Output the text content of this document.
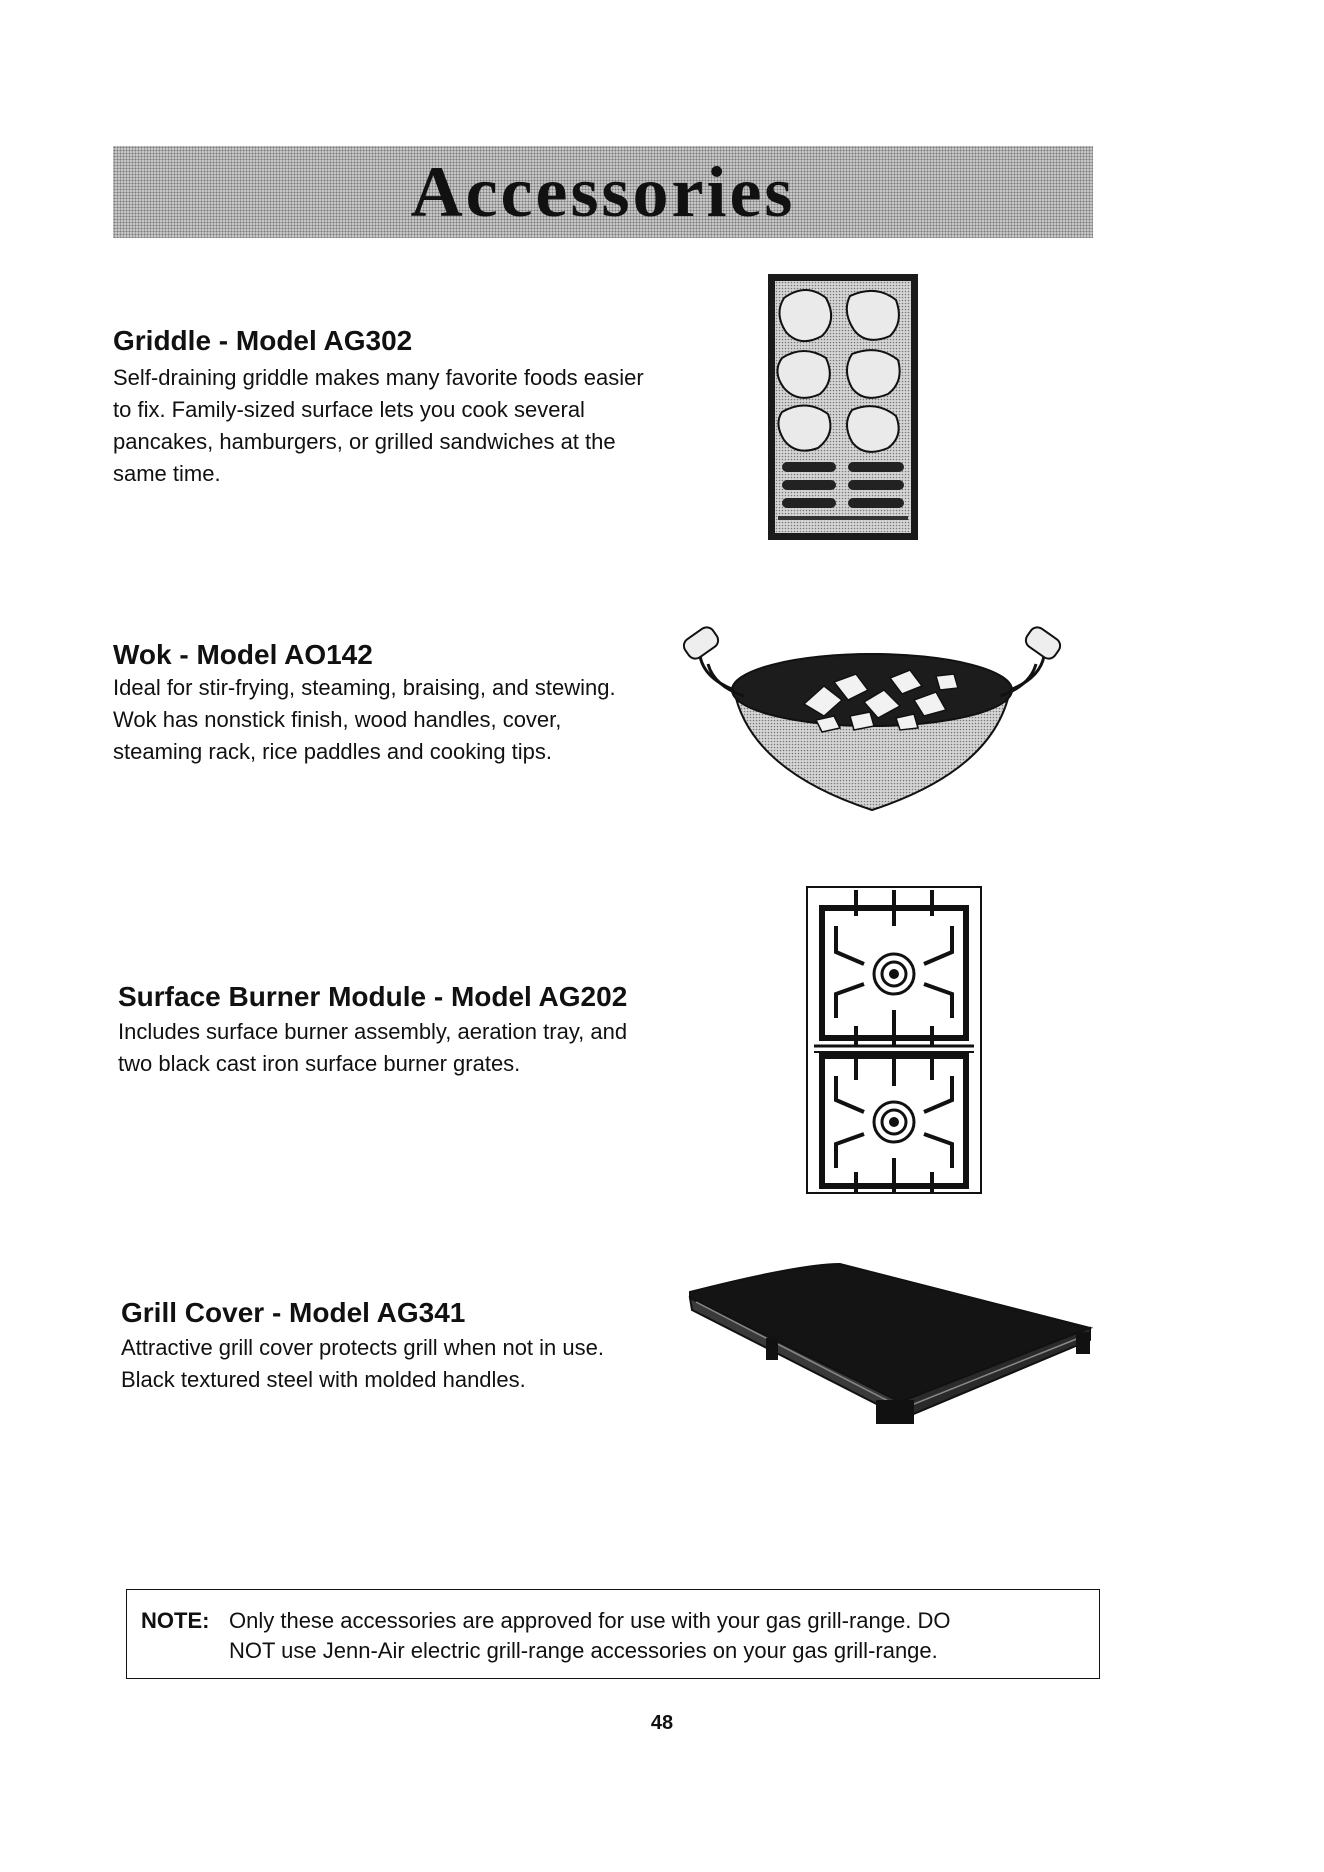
Accessories
Griddle - Model AG302

Self-draining griddle makes many favorite foods easier to fix. Family-sized surface lets you cook several pancakes, hamburgers, or grilled sandwiches at the same time.

Wok - Model AO142

Ideal for stir-frying, steaming, braising, and stewing. Wok has nonstick finish, wood handles, cover, steaming rack, rice paddles and cooking tips.

Surface Burner Module - Model AG202

Includes surface burner assembly, aeration tray, and two black cast iron surface burner grates.

Grill Cover - Model AG341

Attractive grill cover protects grill when not in use. Black textured steel with molded handles.

NOTE: Only these accessories are approved for use with your gas grill-range. DO
NOT use Jenn-Air electric grill-range accessories on your gas grill-range.
48
